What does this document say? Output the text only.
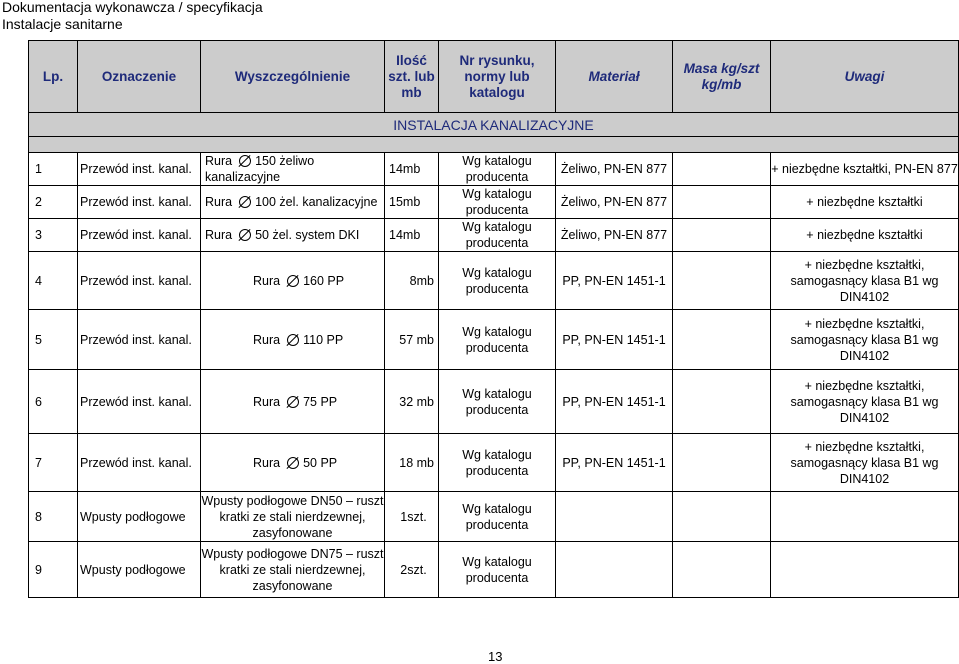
Dokumentacja wykonawcza / specyfikacja
Instalacje sanitarne
Lp.	Oznaczenie	Wyszczególnienie	Ilość szt. lub mb	Nr rysunku, normy lub katalogu	Materiał	Masa kg/szt kg/mb	Uwagi
INSTALACJA KANALIZACYJNE							

1	Przewód inst. kanal.	Rura 150 żeliwo kanalizacyjne	14mb	Wg katalogu producenta	Żeliwo, PN-EN 877		+ niezbędne kształtki, PN-EN 877
2	Przewód inst. kanal.	Rura 100 żel. kanalizacyjne	15mb	Wg katalogu producenta	Żeliwo, PN-EN 877		+ niezbędne kształtki
3	Przewód inst. kanal.	Rura 50 żel. system DKI	14mb	Wg katalogu producenta	Żeliwo, PN-EN 877		+ niezbędne kształtki
4	Przewód inst. kanal.	Rura 160 PP	8mb	Wg katalogu producenta	PP, PN-EN 1451-1		+ niezbędne kształtki, samogasnący klasa B1 wg DIN4102
5	Przewód inst. kanal.	Rura 110 PP	57 mb	Wg katalogu producenta	PP, PN-EN 1451-1		+ niezbędne kształtki, samogasnący klasa B1 wg DIN4102
6	Przewód inst. kanal.	Rura 75 PP	32 mb	Wg katalogu producenta	PP, PN-EN 1451-1		+ niezbędne kształtki, samogasnący klasa B1 wg DIN4102
7	Przewód inst. kanal.	Rura 50 PP	18 mb	Wg katalogu producenta	PP, PN-EN 1451-1		+ niezbędne kształtki, samogasnący klasa B1 wg DIN4102
8	Wpusty podłogowe	Wpusty podłogowe DN50 – ruszt kratki ze stali nierdzewnej, zasyfonowane	1szt.	Wg katalogu producenta			
9	Wpusty podłogowe	Wpusty podłogowe DN75 – ruszt kratki ze stali nierdzewnej, zasyfonowane	2szt.	Wg katalogu producenta			
13
